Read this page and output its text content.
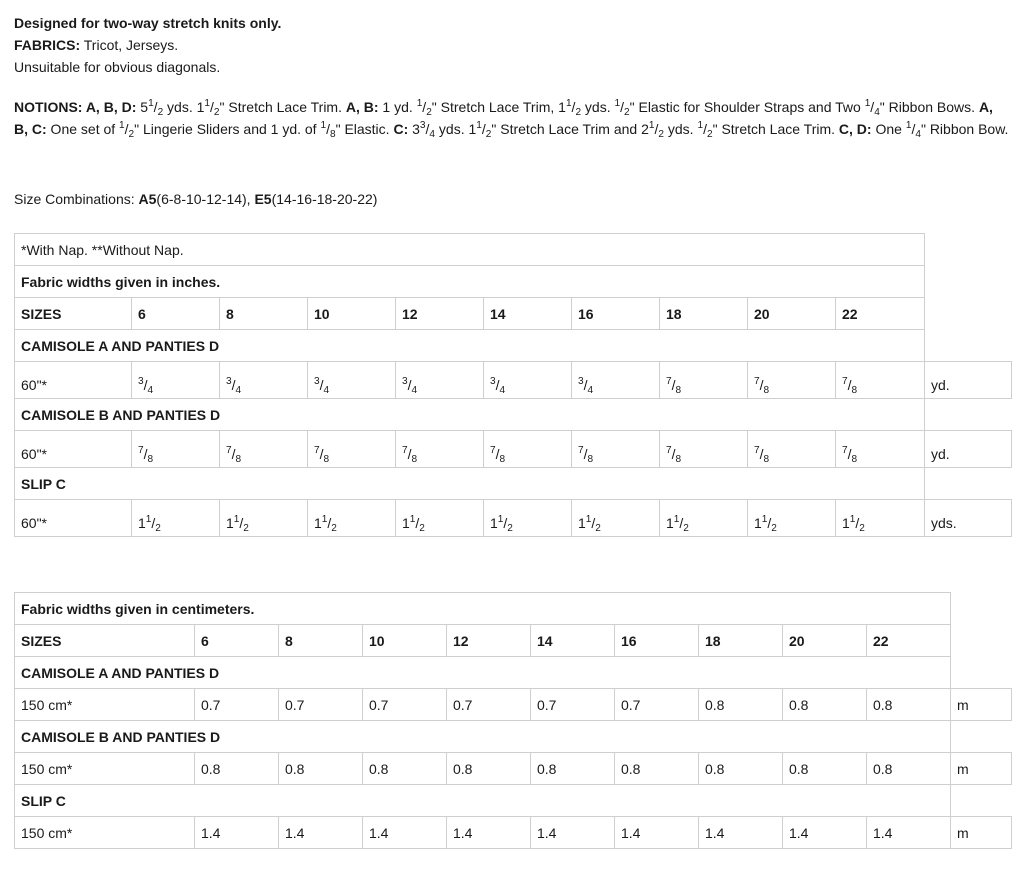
Designed for two-way stretch knits only.
FABRICS: Tricot, Jerseys.
Unsuitable for obvious diagonals.
NOTIONS: A, B, D: $5^1/_2$ yds. $1^1/_2$" Stretch Lace Trim. A, B: 1 yd. $^1/_2$" Stretch Lace Trim, $1^1/_2$ yds. $^1/_2$" Elastic for Shoulder Straps and Two $^1/_4$" Ribbon Bows. A, B, C: One set of $^1/_2$" Lingerie Sliders and 1 yd. of $^1/_8$" Elastic. C: $3^3/_4$ yds. $1^1/_2$" Stretch Lace Trim and $2^1/_2$ yds. $^1/_2$" Stretch Lace Trim. C, D: One $^1/_4$" Ribbon Bow.
Size Combinations: A5(6-8-10-12-14), E5(14-16-18-20-22)
*With Nap. **Without Nap.										
Fabric widths given in inches.										
SIZES	6	8	10	12	14	16	18	20	22	
CAMISOLE A AND PANTIES D										
60"*	$^3/_4$	$^3/_4$	$^3/_4$	$^3/_4$	$^3/_4$	$^3/_4$	$^7/_8$	$^7/_8$	$^7/_8$	yd.
CAMISOLE B AND PANTIES D										
60"*	$^7/_8$	$^7/_8$	$^7/_8$	$^7/_8$	$^7/_8$	$^7/_8$	$^7/_8$	$^7/_8$	$^7/_8$	yd.
SLIP C										
60"*	$1^1/_2$	$1^1/_2$	$1^1/_2$	$1^1/_2$	$1^1/_2$	$1^1/_2$	$1^1/_2$	$1^1/_2$	$1^1/_2$	yds.
Fabric widths given in centimeters.										
SIZES	6	8	10	12	14	16	18	20	22	
CAMISOLE A AND PANTIES D										
150 cm*	0.7	0.7	0.7	0.7	0.7	0.7	0.8	0.8	0.8	m
CAMISOLE B AND PANTIES D										
150 cm*	0.8	0.8	0.8	0.8	0.8	0.8	0.8	0.8	0.8	m
SLIP C										
150 cm*	1.4	1.4	1.4	1.4	1.4	1.4	1.4	1.4	1.4	m
